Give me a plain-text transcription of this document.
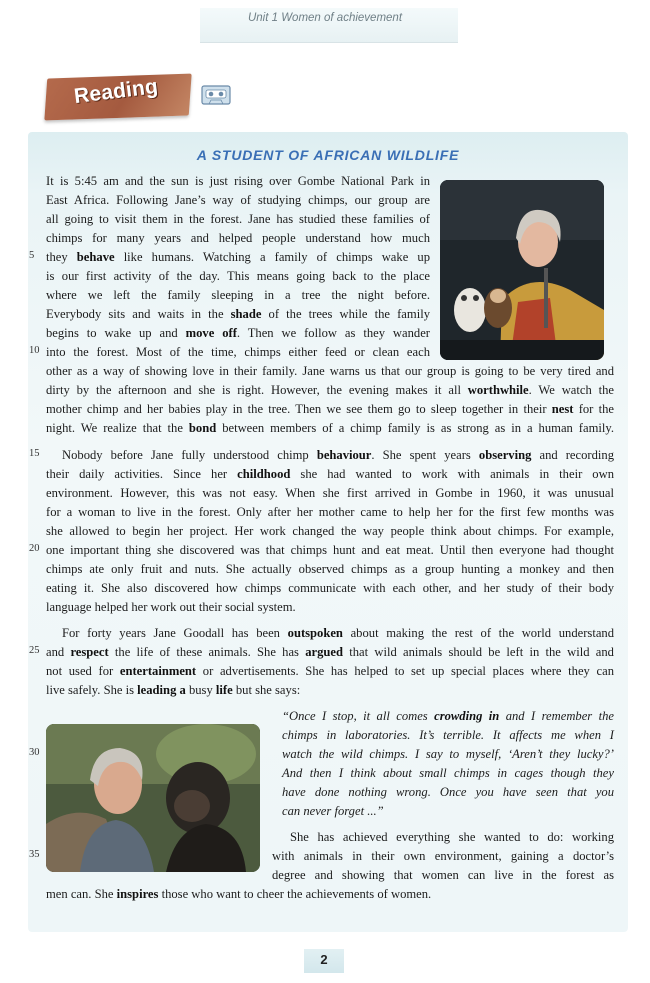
Unit 1 Women of achievement
Reading
A STUDENT OF AFRICAN WILDLIFE
It is 5:45 am and the sun is just rising over Gombe National Park in
East Africa. Following Jane’s way of studying chimps, our group are
all going to visit them in the forest. Jane has studied these families of
chimps for many years and helped people understand how much
they behave like humans. Watching a family of chimps wake up
is our first activity of the day. This means going back to the place
where we left the family sleeping in a tree the night before.
Everybody sits and waits in the shade of the trees while the family
begins to wake up and move off. Then we follow as they wander
into the forest. Most of the time, chimps either feed or clean each
other as a way of showing love in their family. Jane warns us that our group is going to be very tired and
dirty by the afternoon and she is right. However, the evening makes it all worthwhile. We watch the
mother chimp and her babies play in the tree. Then we see them go to sleep together in their nest for the
night. We realize that the bond between members of a chimp family is as strong as in a human family.
Nobody before Jane fully understood chimp behaviour. She spent years observing and recording
their daily activities. Since her childhood she had wanted to work with animals in their own
environment. However, this was not easy. When she first arrived in Gombe in 1960, it was unusual
for a woman to live in the forest. Only after her mother came to help her for the first few months was
she allowed to begin her project. Her work changed the way people think about chimps. For example,
one important thing she discovered was that chimps hunt and eat meat. Until then everyone had thought
chimps ate only fruit and nuts. She actually observed chimps as a group hunting a monkey and then
eating it. She also discovered how chimps communicate with each other, and her study of their body
language helped her work out their social system.
For forty years Jane Goodall has been outspoken about making the rest of the world understand
and respect the life of these animals. She has argued that wild animals should be left in the wild and
not used for entertainment or advertisements. She has helped to set up special places where they can
live safely. She is leading a busy life but she says:
“Once I stop, it all comes crowding in and I remember the
chimps in laboratories. It’s terrible. It affects me when I
watch the wild chimps. I say to myself, ‘Aren’t they lucky?’
And then I think about small chimps in cages though they
have done nothing wrong. Once you have seen that you
can never forget ...”
She has achieved everything she wanted to do: working
with animals in their own environment, gaining a doctor’s
degree and showing that women can live in the forest as
men can. She inspires those who want to cheer the achievements of women.
5
10
15
20
25
30
35
2
